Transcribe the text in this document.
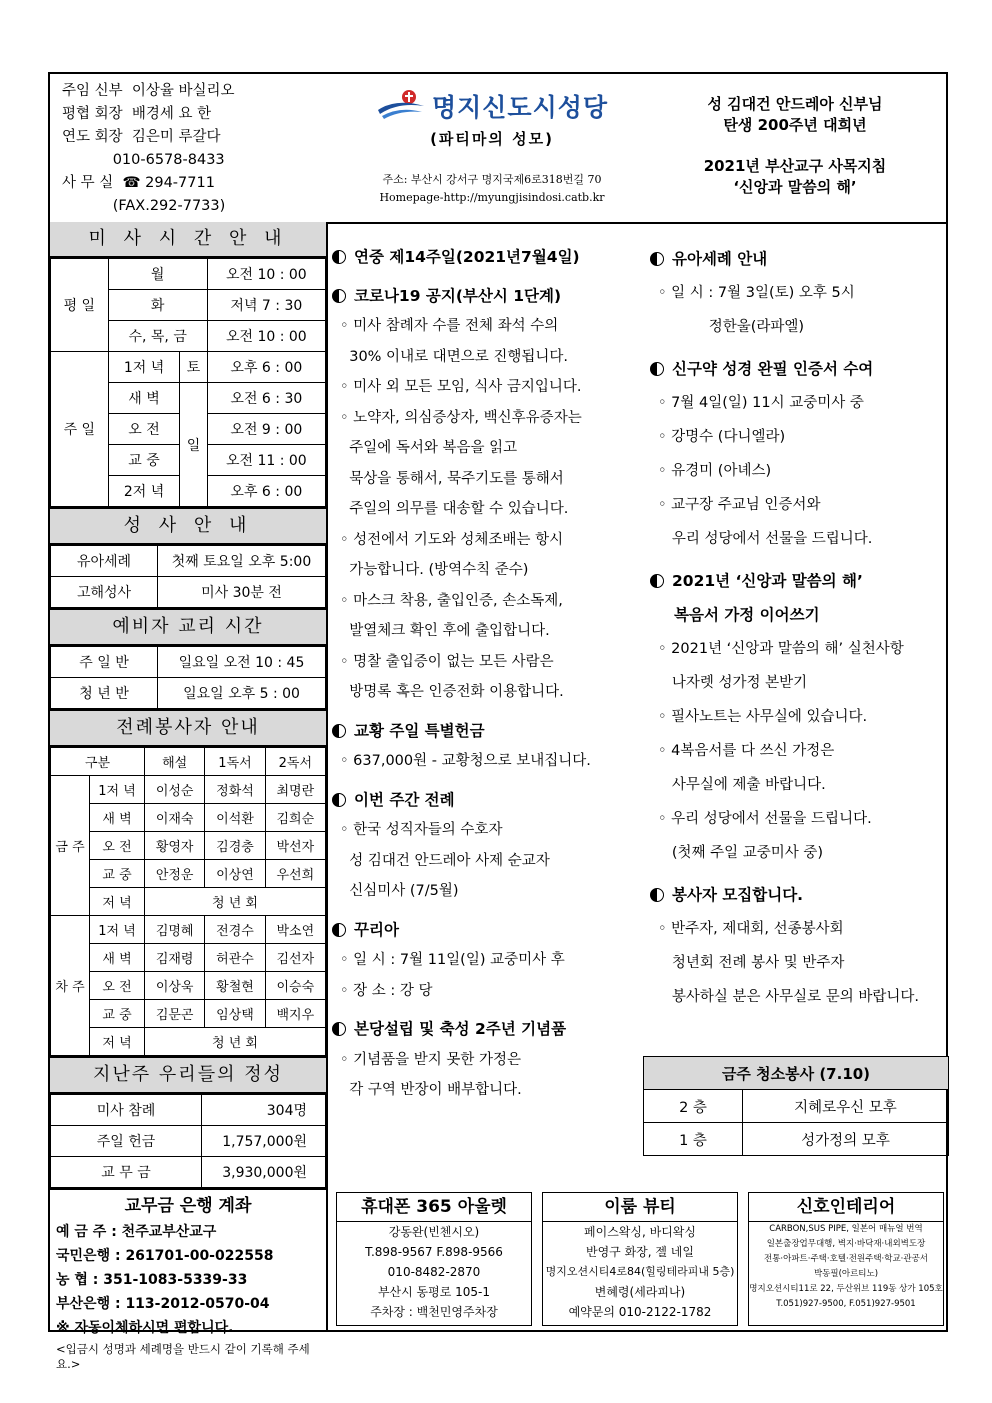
주임 신부  이상율 바실리오
평협 회장  배경세 요 한
연도 회장  김은미 루갈다
010-6578-8433
사 무 실  ☎ 294-7711
(FAX.292-7733)
명지신도시성당
(파티마의 성모)
주소: 부산시 강서구 명지국제6로318번길 70
Homepage-http://myungjisindosi.catb.kr
성 김대건 안드레아 신부님
탄생 200주년 대희년
2021년 부산교구 사목지침
‘신앙과 말씀의 해’
미 사 시 간 안 내
평 일	월		오전 10 : 00
	화		저녁 7 : 30
	수, 목, 금		오전 10 : 00
주 일	1저 녁	토	오후 6 : 00
	새 벽	일	오전 6 : 30
	오 전		오전 9 : 00
	교 중		오전 11 : 00
	2저 녁		오후 6 : 00
성 사 안 내
유아세례	첫째 토요일 오후 5:00
고해성사	미사 30분 전
예비자 교리 시간
주 일 반	일요일 오전 10 : 45
청 년 반	일요일 오후 5 : 00
전례봉사자 안내
구분		해설	1독서	2독서
금 주	1저 녁	이성순	정화석	최명란
	새 벽	이재숙	이석환	김희순
	오 전	황영자	김경충	박선자
	교 중	안정운	이상연	우선희
	저 녁	청 년 회		
차 주	1저 녁	김명혜	전경수	박소연
	새 벽	김재령	허관수	김선자
	오 전	이상욱	황철현	이승숙
	교 중	김문곤	임상택	백지우
	저 녁	청 년 회		
지난주 우리들의 정성
미사 참례	304명
주일 헌금	1,757,000원
교 무 금	3,930,000원
교무금 은행 계좌
예 금 주 : 천주교부산교구
국민은행 : 261701-00-022558
농 협 : 351-1083-5339-33
부산은행 : 113-2012-0570-04
※ 자동이체하시면 편합니다.
<입금시 성명과 세례명을 반드시 같이 기록해 주세요.>
연중 제14주일(2021년7월4일)
코로나19 공지(부산시 1단계)
◦ 미사 참례자 수를 전체 좌석 수의
30% 이내로 대면으로 진행됩니다.
◦ 미사 외 모든 모임, 식사 금지입니다.
◦ 노약자, 의심증상자, 백신후유증자는
주일에 독서와 복음을 읽고
묵상을 통해서, 묵주기도를 통해서
주일의 의무를 대송할 수 있습니다.
◦ 성전에서 기도와 성체조배는 항시
가능합니다. (방역수칙 준수)
◦ 마스크 착용, 출입인증, 손소독제,
발열체크 확인 후에 출입합니다.
◦ 명찰 출입증이 없는 모든 사람은
방명록 혹은 인증전화 이용합니다.
교황 주일 특별헌금
◦ 637,000원 - 교황청으로 보내집니다.
이번 주간 전례
◦ 한국 성직자들의 수호자
성 김대건 안드레아 사제 순교자
신심미사 (7/5월)
꾸리아
◦ 일 시 : 7월 11일(일) 교중미사 후
◦ 장 소 : 강 당
본당설립 및 축성 2주년 기념품
◦ 기념품을 받지 못한 가정은
각 구역 반장이 배부합니다.
유아세례 안내
◦ 일 시 : 7월 3일(토) 오후 5시
정한울(라파엘)
신구약 성경 완필 인증서 수여
◦ 7월 4일(일) 11시 교중미사 중
◦ 강명수 (다니엘라)
◦ 유경미 (아녜스)
◦ 교구장 주교님 인증서와
우리 성당에서 선물을 드립니다.
2021년 ‘신앙과 말씀의 해’
복음서 가정 이어쓰기
◦ 2021년 ‘신앙과 말씀의 해’ 실천사항
나자렛 성가정 본받기
◦ 필사노트는 사무실에 있습니다.
◦ 4복음서를 다 쓰신 가정은
사무실에 제출 바랍니다.
◦ 우리 성당에서 선물을 드립니다.
(첫째 주일 교중미사 중)
봉사자 모집합니다.
◦ 반주자, 제대회, 선종봉사회
청년회 전례 봉사 및 반주자
봉사하실 분은 사무실로 문의 바랍니다.
금주 청소봉사 (7.10)	
2 층	지혜로우신 모후
1 층	성가정의 모후
휴대폰 365 아울렛
강동완(빈첸시오)
T.898-9567 F.898-9566
010-8482-2870
부산시 동평로 105-1
주차장 : 백천민영주차장
이룸 뷰티
페이스왁싱, 바디왁싱
반영구 화장, 젤 네일
명지오션시티4로84(힐링테라피내 5층)
변혜령(세라피나)
예약문의 010-2122-1782
신호인테리어
CARBON,SUS PIPE, 일본어 매뉴얼 번역
일본출장업무대행, 벽지·바닥재·내외벽도장
전통·아파트·주택·호텔·전원주택·학교·관공서
박동필(아르티노)
명지오션시티11로 22, 두산위브 119동 상가 105호
T.051)927-9500, F.051)927-9501
